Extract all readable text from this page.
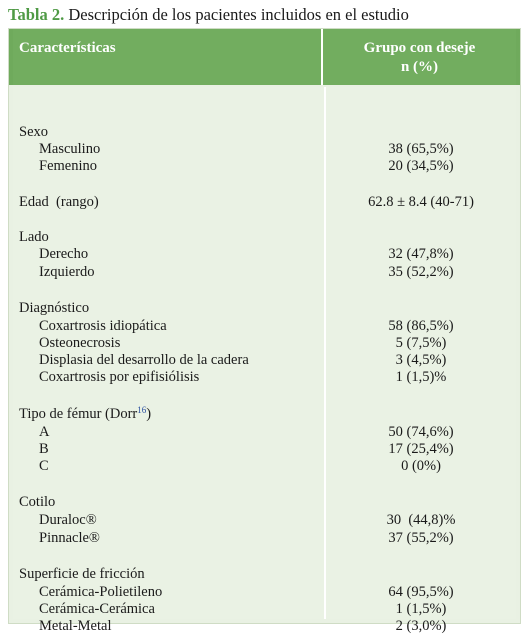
Tabla 2. Descripción de los pacientes incluidos en el estudio
Características	Grupo con deseje
n (%)
Sexo
Masculino	38 (65,5%)
Femenino	20 (34,5%)
Edad  (rango)	62.8 ± 8.4 (40-71)
Lado
Derecho	32 (47,8%)
Izquierdo	35 (52,2%)
Diagnóstico
Coxartrosis idiopática	58 (86,5%)
Osteonecrosis	5 (7,5%)
Displasia del desarrollo de la cadera	3 (4,5%)
Coxartrosis por epifisiólisis	1 (1,5)%
Tipo de fémur (Dorr$^{16}$)
A	50 (74,6%)
B	17 (25,4%)
C	0 (0%)
Cotilo
Duraloc®	30  (44,8)%
Pinnacle®	37 (55,2%)
Superficie de fricción
Cerámica-Polietileno	64 (95,5%)
Cerámica-Cerámica	1 (1,5%)
Metal-Metal	2 (3,0%)
